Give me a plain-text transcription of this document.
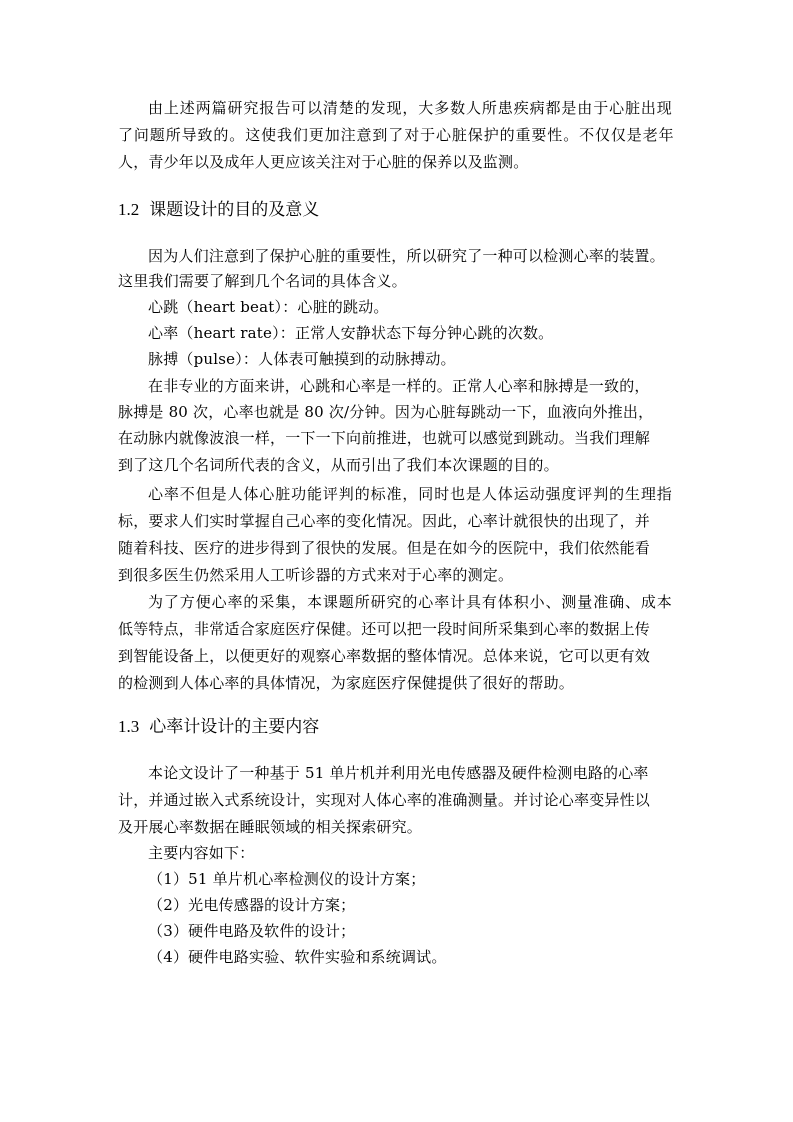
由上述两篇研究报告可以清楚的发现，大多数人所患疾病都是由于心脏出现
了问题所导致的。这使我们更加注意到了对于心脏保护的重要性。不仅仅是老年
人，青少年以及成年人更应该关注对于心脏的保养以及监测。
1.2 课题设计的目的及意义
因为人们注意到了保护心脏的重要性，所以研究了一种可以检测心率的装置。
这里我们需要了解到几个名词的具体含义。
心跳（heart beat）：心脏的跳动。
心率（heart rate）：正常人安静状态下每分钟心跳的次数。
脉搏（pulse）：人体表可触摸到的动脉搏动。
在非专业的方面来讲，心跳和心率是一样的。正常人心率和脉搏是一致的，
脉搏是 80 次，心率也就是 80 次/分钟。因为心脏每跳动一下，血液向外推出，
在动脉内就像波浪一样，一下一下向前推进，也就可以感觉到跳动。当我们理解
到了这几个名词所代表的含义，从而引出了我们本次课题的目的。
心率不但是人体心脏功能评判的标准，同时也是人体运动强度评判的生理指
标，要求人们实时掌握自己心率的变化情况。因此，心率计就很快的出现了，并
随着科技、医疗的进步得到了很快的发展。但是在如今的医院中，我们依然能看
到很多医生仍然采用人工听诊器的方式来对于心率的测定。
为了方便心率的采集，本课题所研究的心率计具有体积小、测量准确、成本
低等特点，非常适合家庭医疗保健。还可以把一段时间所采集到心率的数据上传
到智能设备上，以便更好的观察心率数据的整体情况。总体来说，它可以更有效
的检测到人体心率的具体情况，为家庭医疗保健提供了很好的帮助。
1.3 心率计设计的主要内容
本论文设计了一种基于 51 单片机并利用光电传感器及硬件检测电路的心率
计，并通过嵌入式系统设计，实现对人体心率的准确测量。并讨论心率变异性以
及开展心率数据在睡眠领域的相关探索研究。
主要内容如下：
（1）51 单片机心率检测仪的设计方案；
（2）光电传感器的设计方案；
（3）硬件电路及软件的设计；
（4）硬件电路实验、软件实验和系统调试。
